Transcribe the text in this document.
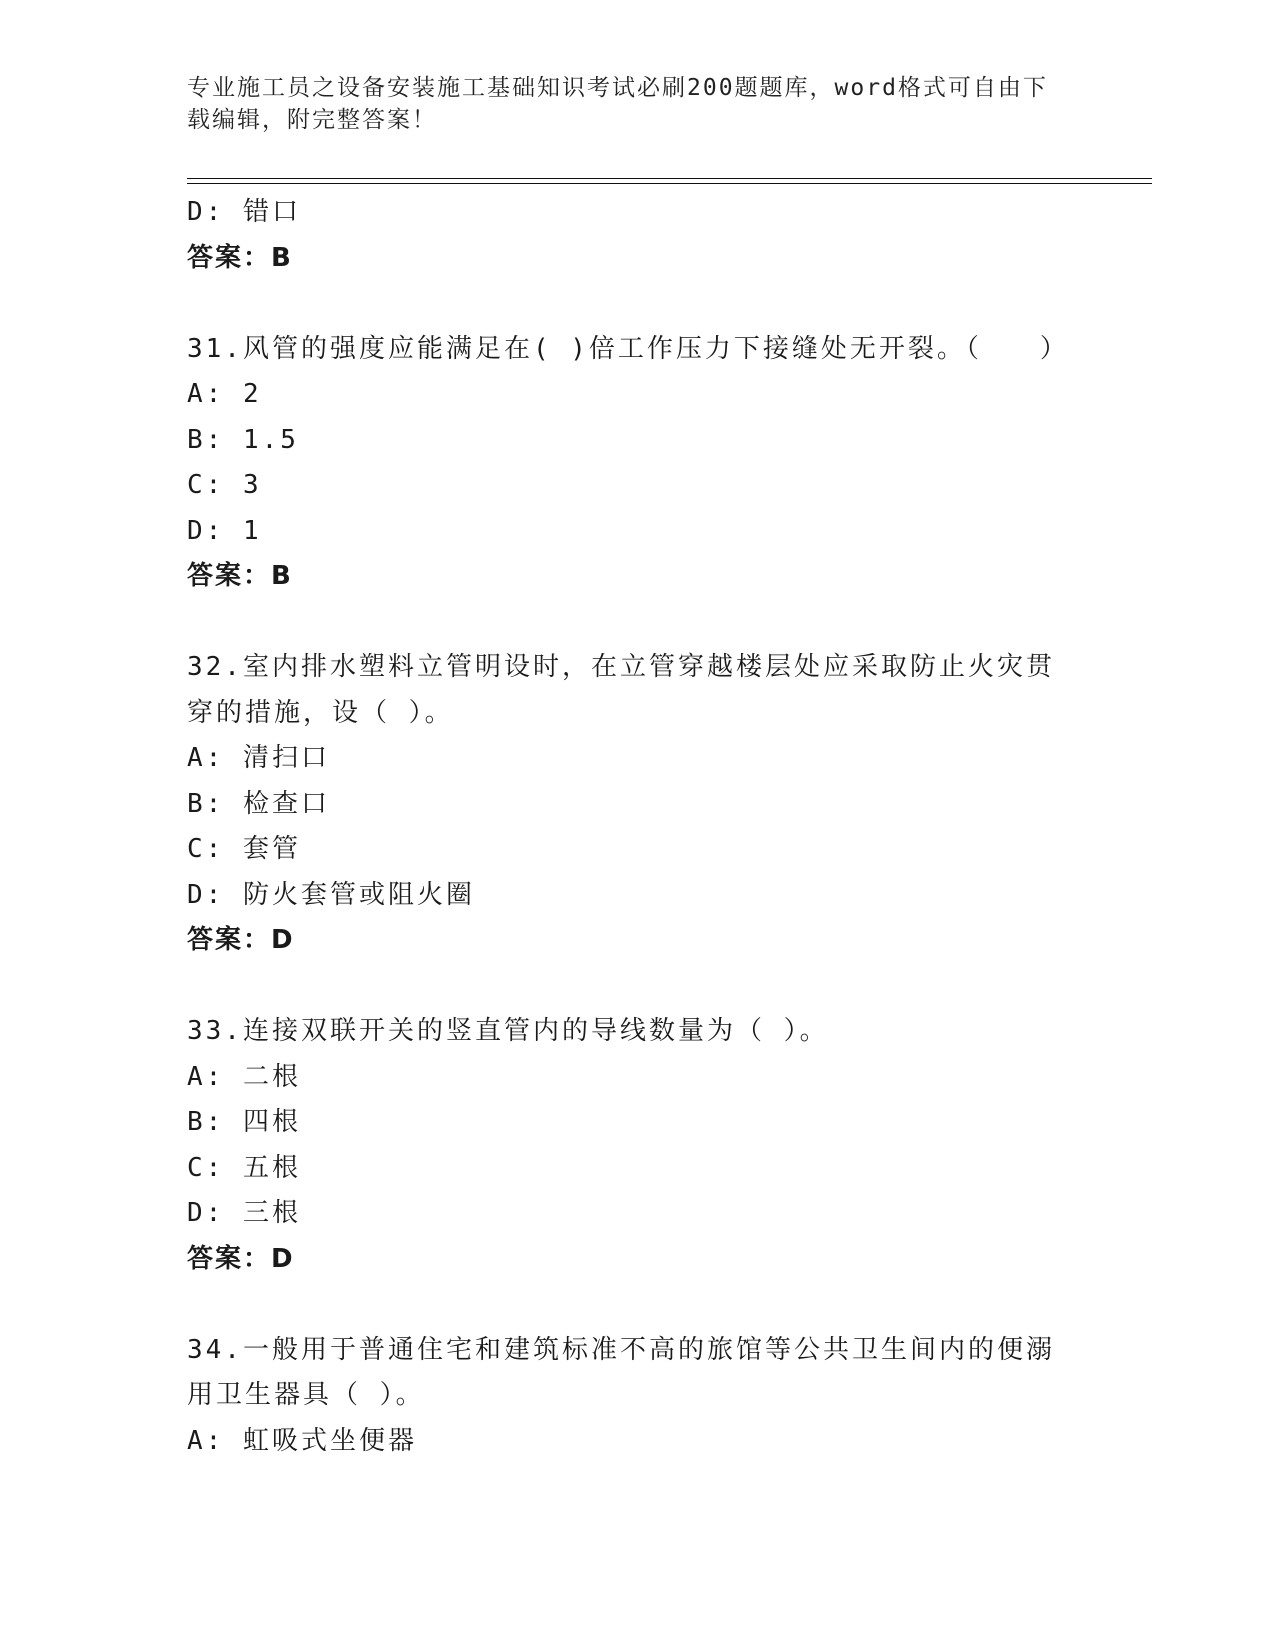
专业施工员之设备安装施工基础知识考试必刷200题题库，word格式可自由下载编辑，附完整答案！
D: 错口
答案：B
31.风管的强度应能满足在( )倍工作压力下接缝处无开裂。（　　）
A: 2
B: 1.5
C: 3
D: 1
答案：B
32.室内排水塑料立管明设时，在立管穿越楼层处应采取防止火灾贯穿的措施，设（ ）。
A: 清扫口
B: 检查口
C: 套管
D: 防火套管或阻火圈
答案：D
33.连接双联开关的竖直管内的导线数量为（ ）。
A: 二根
B: 四根
C: 五根
D: 三根
答案：D
34.一般用于普通住宅和建筑标准不高的旅馆等公共卫生间内的便溺用卫生器具（ ）。
A: 虹吸式坐便器
